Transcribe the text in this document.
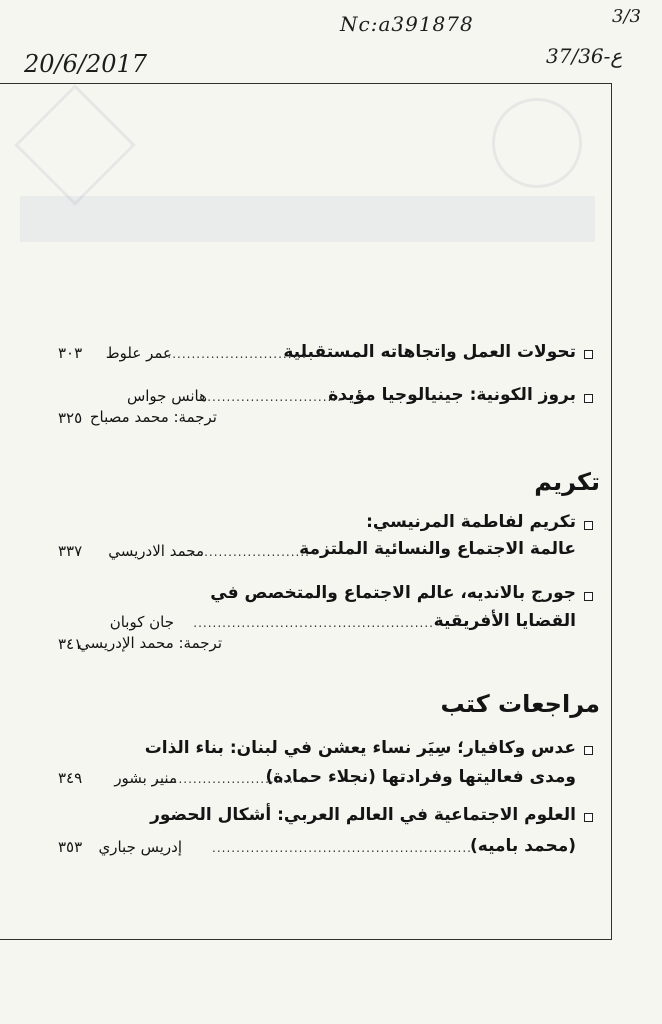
Nc:a391878	3/3
20/6/2017	37/36-ع
تحولات العمل واتجاهاته المستقبلية
..............................
عمر علوط
٣٠٣
بروز الكونية: جينيالوجيا مؤيدة
..............................
هانس جواس
ترجمة: محمد مصباح
٣٢٥
تكريم
تكريم لفاطمة المرنيسي:
عالمة الاجتماع والنسائية الملتزمة
..........................
محمد الادريسي
٣٣٧
جورج بالانديه، عالم الاجتماع والمتخصص في
القضايا الأفريقية
..................................................
جان كوبان
ترجمة: محمد الإدريسي
٣٤١
مراجعات كتب
عدس وكافيار؛ سِيَر نساء يعشن في لبنان: بناء الذات
ومدى فعاليتها وفرادتها (نجلاء حمادة)
.............................
منير بشور
٣٤٩
العلوم الاجتماعية في العالم العربي: أشكال الحضور
(محمد باميه)
......................................................
إدريس جباري
٣٥٣
